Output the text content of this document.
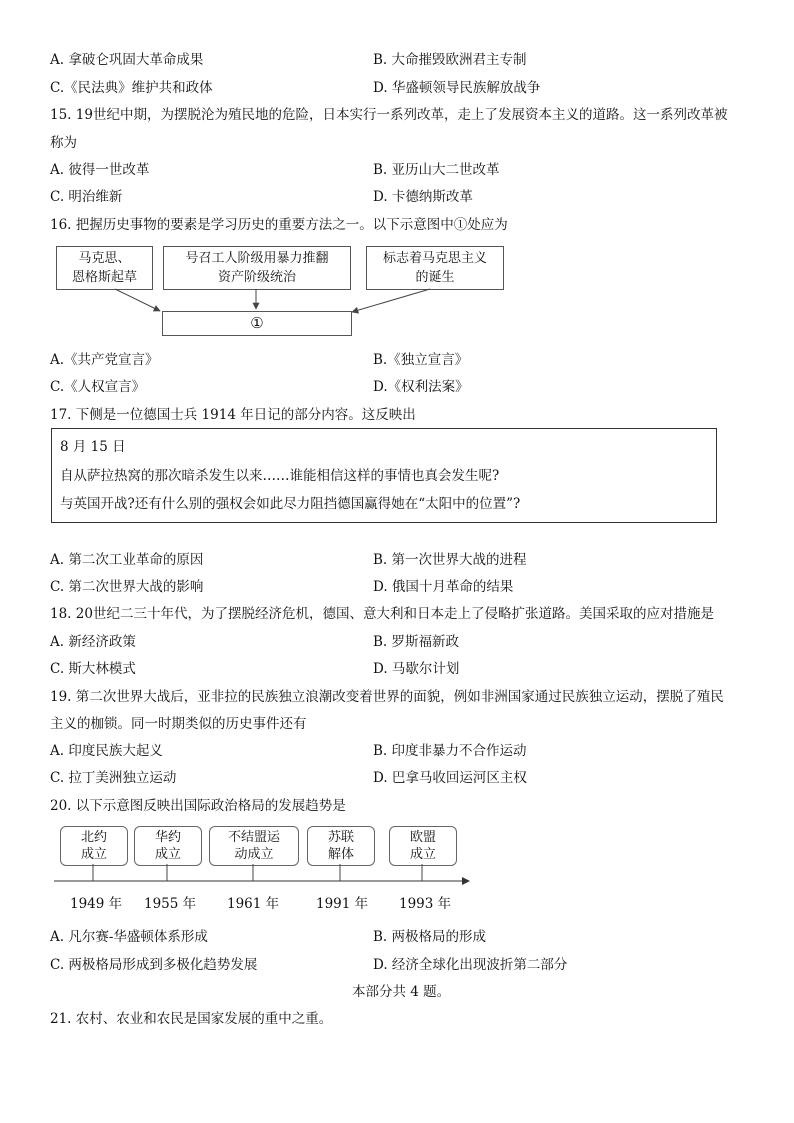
A. 拿破仑巩固大革命成果	B. 大命摧毁欧洲君主专制
C.《民法典》维护共和政体	D. 华盛顿领导民族解放战争
15. 19世纪中期，为摆脱沦为殖民地的危险，日本实行一系列改革，走上了发展资本主义的道路。这一系列改革被
称为
A. 彼得一世改革	B. 亚历山大二世改革
C. 明治维新	D. 卡德纳斯改革
16. 把握历史事物的要素是学习历史的重要方法之一。以下示意图中①处应为
马克思、
恩格斯起草
号召工人阶级用暴力推翻
资产阶级统治
标志着马克思主义
的诞生
①
A.《共产党宣言》	B.《独立宣言》
C.《人权宣言》	D.《权利法案》
17. 下侧是一位德国士兵 1914 年日记的部分内容。这反映出
8 月 15 日
自从萨拉热窝的那次暗杀发生以来……谁能相信这样的事情也真会发生呢?
与英国开战?还有什么别的强权会如此尽力阻挡德国赢得她在“太阳中的位置”?
A. 第二次工业革命的原因	B. 第一次世界大战的进程
C. 第二次世界大战的影响	D. 俄国十月革命的结果
18. 20世纪二三十年代，为了摆脱经济危机，德国、意大利和日本走上了侵略扩张道路。美国采取的应对措施是
A. 新经济政策	B. 罗斯福新政
C. 斯大林模式	D. 马歇尔计划
19. 第二次世界大战后，亚非拉的民族独立浪潮改变着世界的面貌，例如非洲国家通过民族独立运动，摆脱了殖民
主义的枷锁。同一时期类似的历史事件还有
A. 印度民族大起义	B. 印度非暴力不合作运动
C. 拉丁美洲独立运动	D. 巴拿马收回运河区主权
20. 以下示意图反映出国际政治格局的发展趋势是
北约
成立
华约
成立
不结盟运
动成立
苏联
解体
欧盟
成立
1949 年 1955 年 1961 年	1991 年 1993 年
A. 凡尔赛-华盛顿体系形成	B. 两极格局的形成
C. 两极格局形成到多极化趋势发展	D. 经济全球化出现波折第二部分
本部分共 4 题。
21. 农村、农业和农民是国家发展的重中之重。
